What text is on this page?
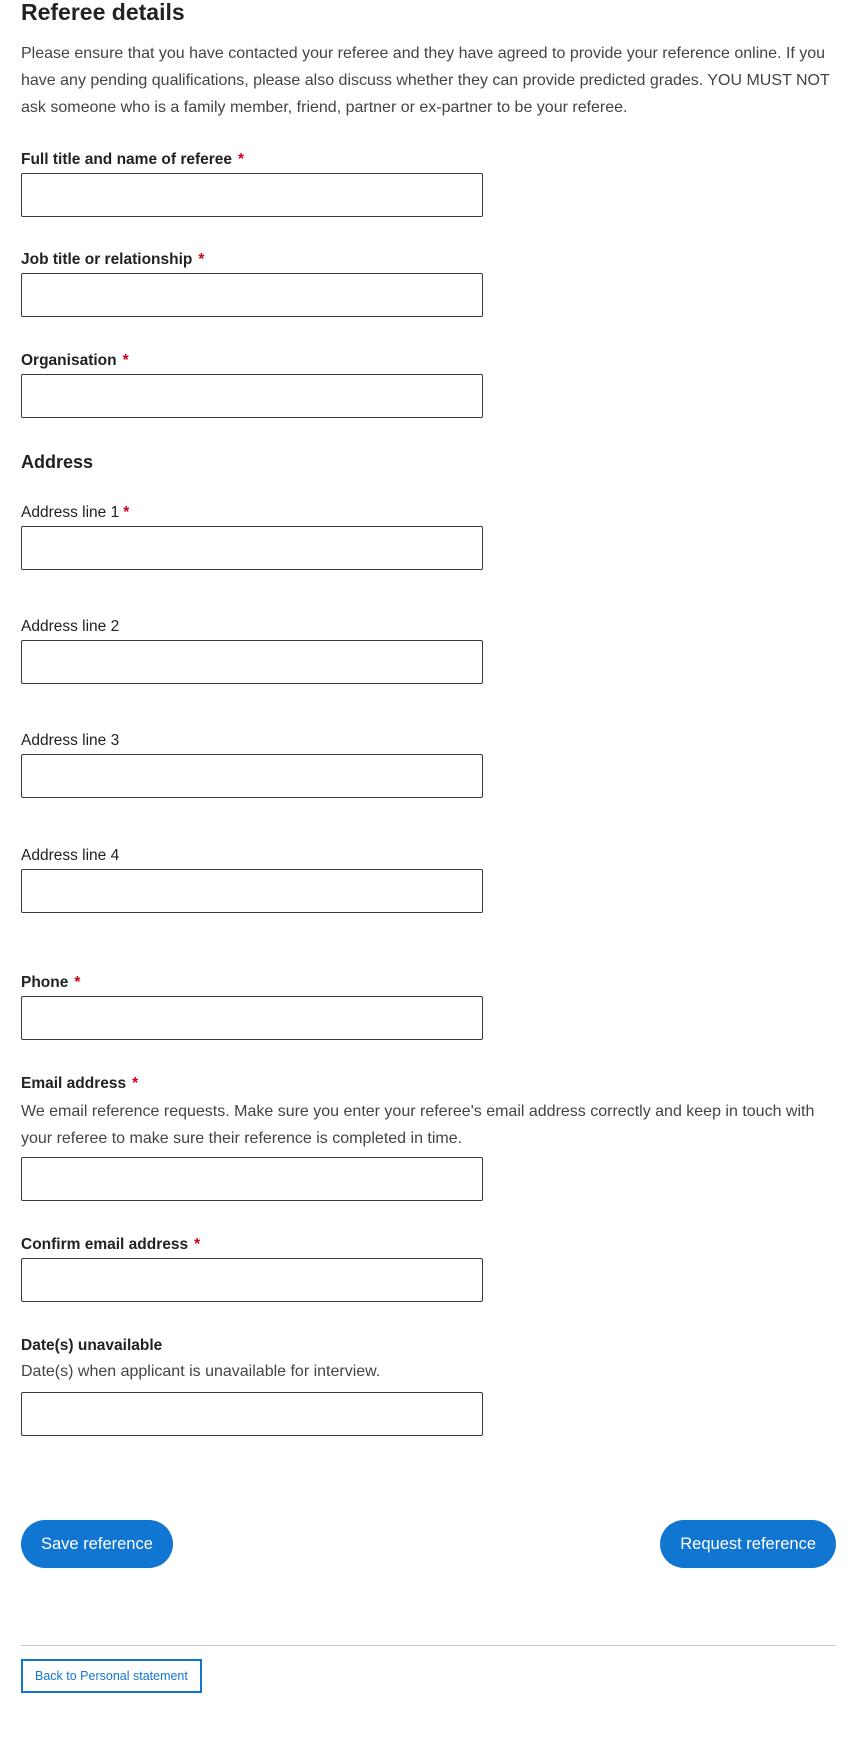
Referee details

Please ensure that you have contacted your referee and they have agreed to provide your reference online. If you have any pending qualifications, please also discuss whether they can provide predicted grades. YOU MUST NOT ask someone who is a family member, friend, partner or ex-partner to be your referee.

Full title and name of referee *
Job title or relationship *
Organisation *
Address
Address line 1 *
Address line 2
Address line 3
Address line 4
Phone *
Email address *
We email reference requests. Make sure you enter your referee's email address correctly and keep in touch with your referee to make sure their reference is completed in time.
Confirm email address *
Date(s) unavailable
Date(s) when applicant is unavailable for interview.
Save reference	Request reference
Back to Personal statement
